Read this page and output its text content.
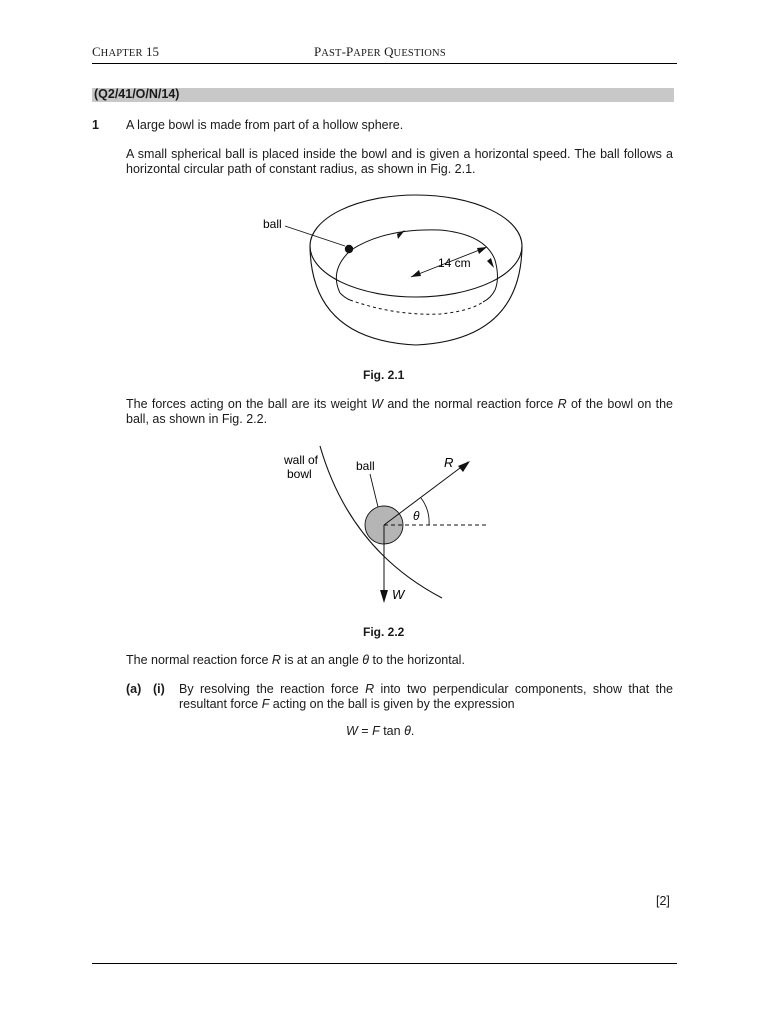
CHAPTER 15	PAST-PAPER QUESTIONS
(Q2/41/O/N/14)
1 A large bowl is made from part of a hollow sphere.
A small spherical ball is placed inside the bowl and is given a horizontal speed. The ball follows a
horizontal circular path of constant radius, as shown in Fig. 2.1.
ball
14 cm
Fig. 2.1
The forces acting on the ball are its weight W and the normal reaction force R of the bowl on the
ball, as shown in Fig. 2.2.
R
θ
W
ball
wall of
bowl
Fig. 2.2
The normal reaction force R is at an angle θ to the horizontal.
(a) (i) By resolving the reaction force R into two perpendicular components, show that the
resultant force F acting on the ball is given by the expression
W = F tan θ.
[2]
